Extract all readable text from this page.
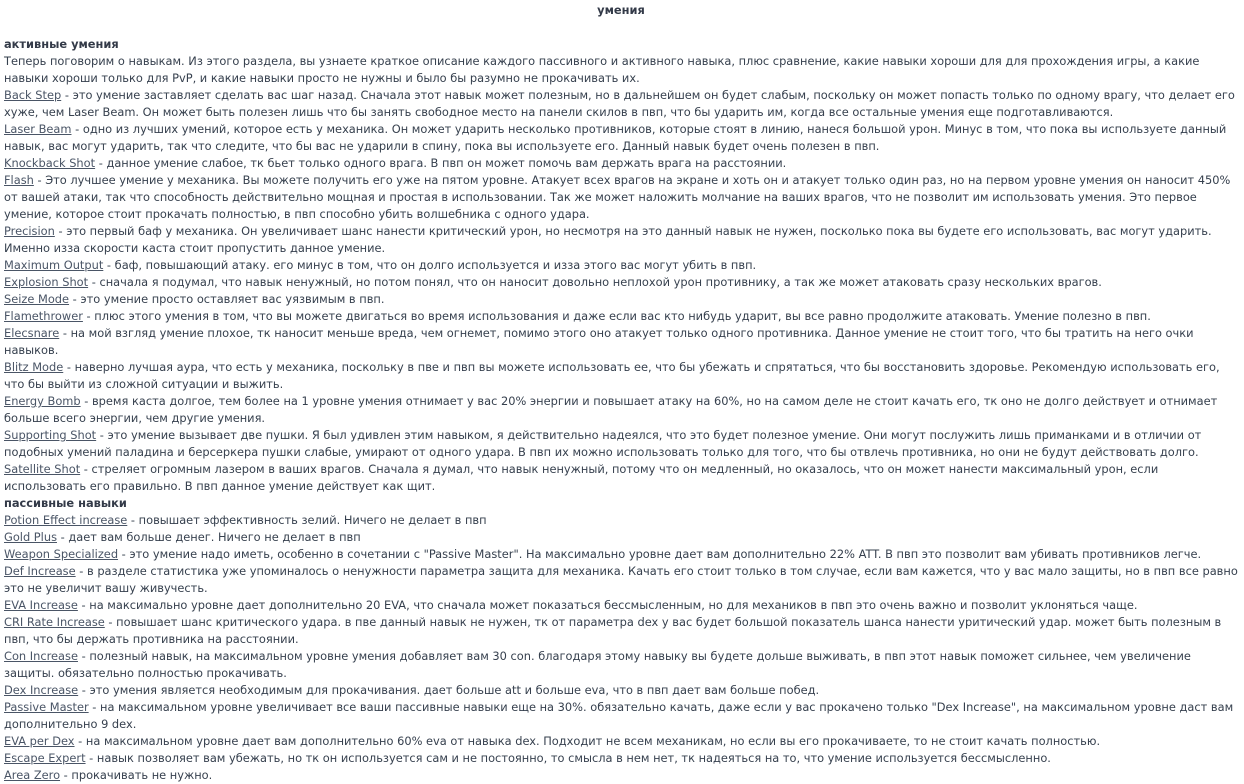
умения
активные умения
Теперь поговорим о навыкам. Из этого раздела, вы узнаете краткое описание каждого пассивного и активного навыка, плюс сравнение, какие навыки хороши для для прохождения игры, а какие навыки хороши только для PvP, и какие навыки просто не нужны и было бы разумно не прокачивать их.
Back Step - это умение заставляет сделать вас шаг назад. Сначала этот навык может полезным, но в дальнейшем он будет слабым, поскольку он может попасть только по одному врагу, что делает его хуже, чем Laser Beam. Он может быть полезен лишь что бы занять свободное место на панели скилов в пвп, что бы ударить им, когда все остальные умения еще подготавливаются.
Laser Beam - одно из лучших умений, которое есть у механика. Он может ударить несколько противников, которые стоят в линию, нанеся большой урон. Минус в том, что пока вы используете данный навык, вас могут ударить, так что следите, что бы вас не ударили в спину, пока вы используете его. Данный навык будет очень полезен в пвп.
Knockback Shot - данное умение слабое, тк бьет только одного врага. В пвп он может помочь вам держать врага на расстоянии.
Flash - Это лучшее умение у механика. Вы можете получить его уже на пятом уровне. Атакует всех врагов на экране и хоть он и атакует только один раз, но на первом уровне умения он наносит 450% от вашей атаки, так что способность действительно мощная и простая в использовании. Так же может наложить молчание на ваших врагов, что не позволит им использовать умения. Это первое умение, которое стоит прокачать полностью, в пвп способно убить волшебника с одного удара.
Precision - это первый баф у механика. Он увеличивает шанс нанести критический урон, но несмотря на это данный навык не нужен, посколько пока вы будете его использовать, вас могут ударить. Именно изза скорости каста стоит пропустить данное умение.
Maximum Output - баф, повышающий атаку. его минус в том, что он долго используется и изза этого вас могут убить в пвп.
Explosion Shot - сначала я подумал, что навык ненужный, но потом понял, что он наносит довольно неплохой урон противнику, а так же может атаковать сразу нескольких врагов.
Seize Mode - это умение просто оставляет вас уязвимым в пвп.
Flamethrower - плюс этого умения в том, что вы можете двигаться во время использования и даже если вас кто нибудь ударит, вы все равно продолжите атаковать. Умение полезно в пвп.
Elecsnare - на мой взгляд умение плохое, тк наносит меньше вреда, чем огнемет, помимо этого оно атакует только одного противника. Данное умение не стоит того, что бы тратить на него очки навыков.
Blitz Mode - наверно лучшая аура, что есть у механика, поскольку в пве и пвп вы можете использовать ее, что бы убежать и спрятаться, что бы восстановить здоровье. Рекомендую использовать его, что бы выйти из сложной ситуации и выжить.
Energy Bomb - время каста долгое, тем более на 1 уровне умения отнимает у вас 20% энергии и повышает атаку на 60%, но на самом деле не стоит качать его, тк оно не долго действует и отнимает больше всего энергии, чем другие умения.
Supporting Shot - это умение вызывает две пушки. Я был удивлен этим навыком, я действительно надеялся, что это будет полезное умение. Они могут послужить лишь приманками и в отличии от подобных умений паладина и берсеркера пушки слабые, умирают от одного удара. В пвп их можно использовать только для того, что бы отвлечь противника, но они не будут действовать долго.
Satellite Shot - стреляет огромным лазером в ваших врагов. Сначала я думал, что навык ненужный, потому что он медленный, но оказалось, что он может нанести максимальный урон, если использовать его правильно. В пвп данное умение действует как щит.
пассивные навыки
Potion Effect increase - повышает эффективность зелий. Ничего не делает в пвп
Gold Plus - дает вам больше денег. Ничего не делает в пвп
Weapon Specialized - это умение надо иметь, особенно в сочетании с "Passive Master". На максимально уровне дает вам дополнительно 22% ATT. В пвп это позволит вам убивать противников легче.
Def Increase - в разделе статистика уже упоминалось о ненужности параметра защита для механика. Качать его стоит только в том случае, если вам кажется, что у вас мало защиты, но в пвп все равно это не увеличит вашу живучесть.
EVA Increase - на максимально уровне дает дополнительно 20 EVA, что сначала может показаться бессмысленным, но для механиков в пвп это очень важно и позволит уклоняться чаще.
CRI Rate Increase - повышает шанс критического удара. в пве данный навык не нужен, тк от параметра dex у вас будет большой показатель шанса нанести уритический удар. может быть полезным в пвп, что бы держать противника на расстоянии.
Con Increase - полезный навык, на максимальном уровне умения добавляет вам 30 con. благодаря этому навыку вы будете дольше выживать, в пвп этот навык поможет сильнее, чем увеличение защиты. обязательно полностью прокачивать.
Dex Increase - это умения является необходимым для прокачивания. дает больше att и больше eva, что в пвп дает вам больше побед.
Passive Master - на максимальном уровне увеличивает все ваши пассивные навыки еще на 30%. обязательно качать, даже если у вас прокачено только "Dex Increase", на максимальном уровне даст вам дополнительно 9 dex.
EVA per Dex - на максимальном уровне дает вам дополнительно 60% eva от навыка dex. Подходит не всем механикам, но если вы его прокачиваете, то не стоит качать полностью.
Escape Expert - навык позволяет вам убежать, но тк он используется сам и не постоянно, то смысла в нем нет, тк надеяться на то, что умение используется бессмысленно.
Area Zero - прокачивать не нужно.
